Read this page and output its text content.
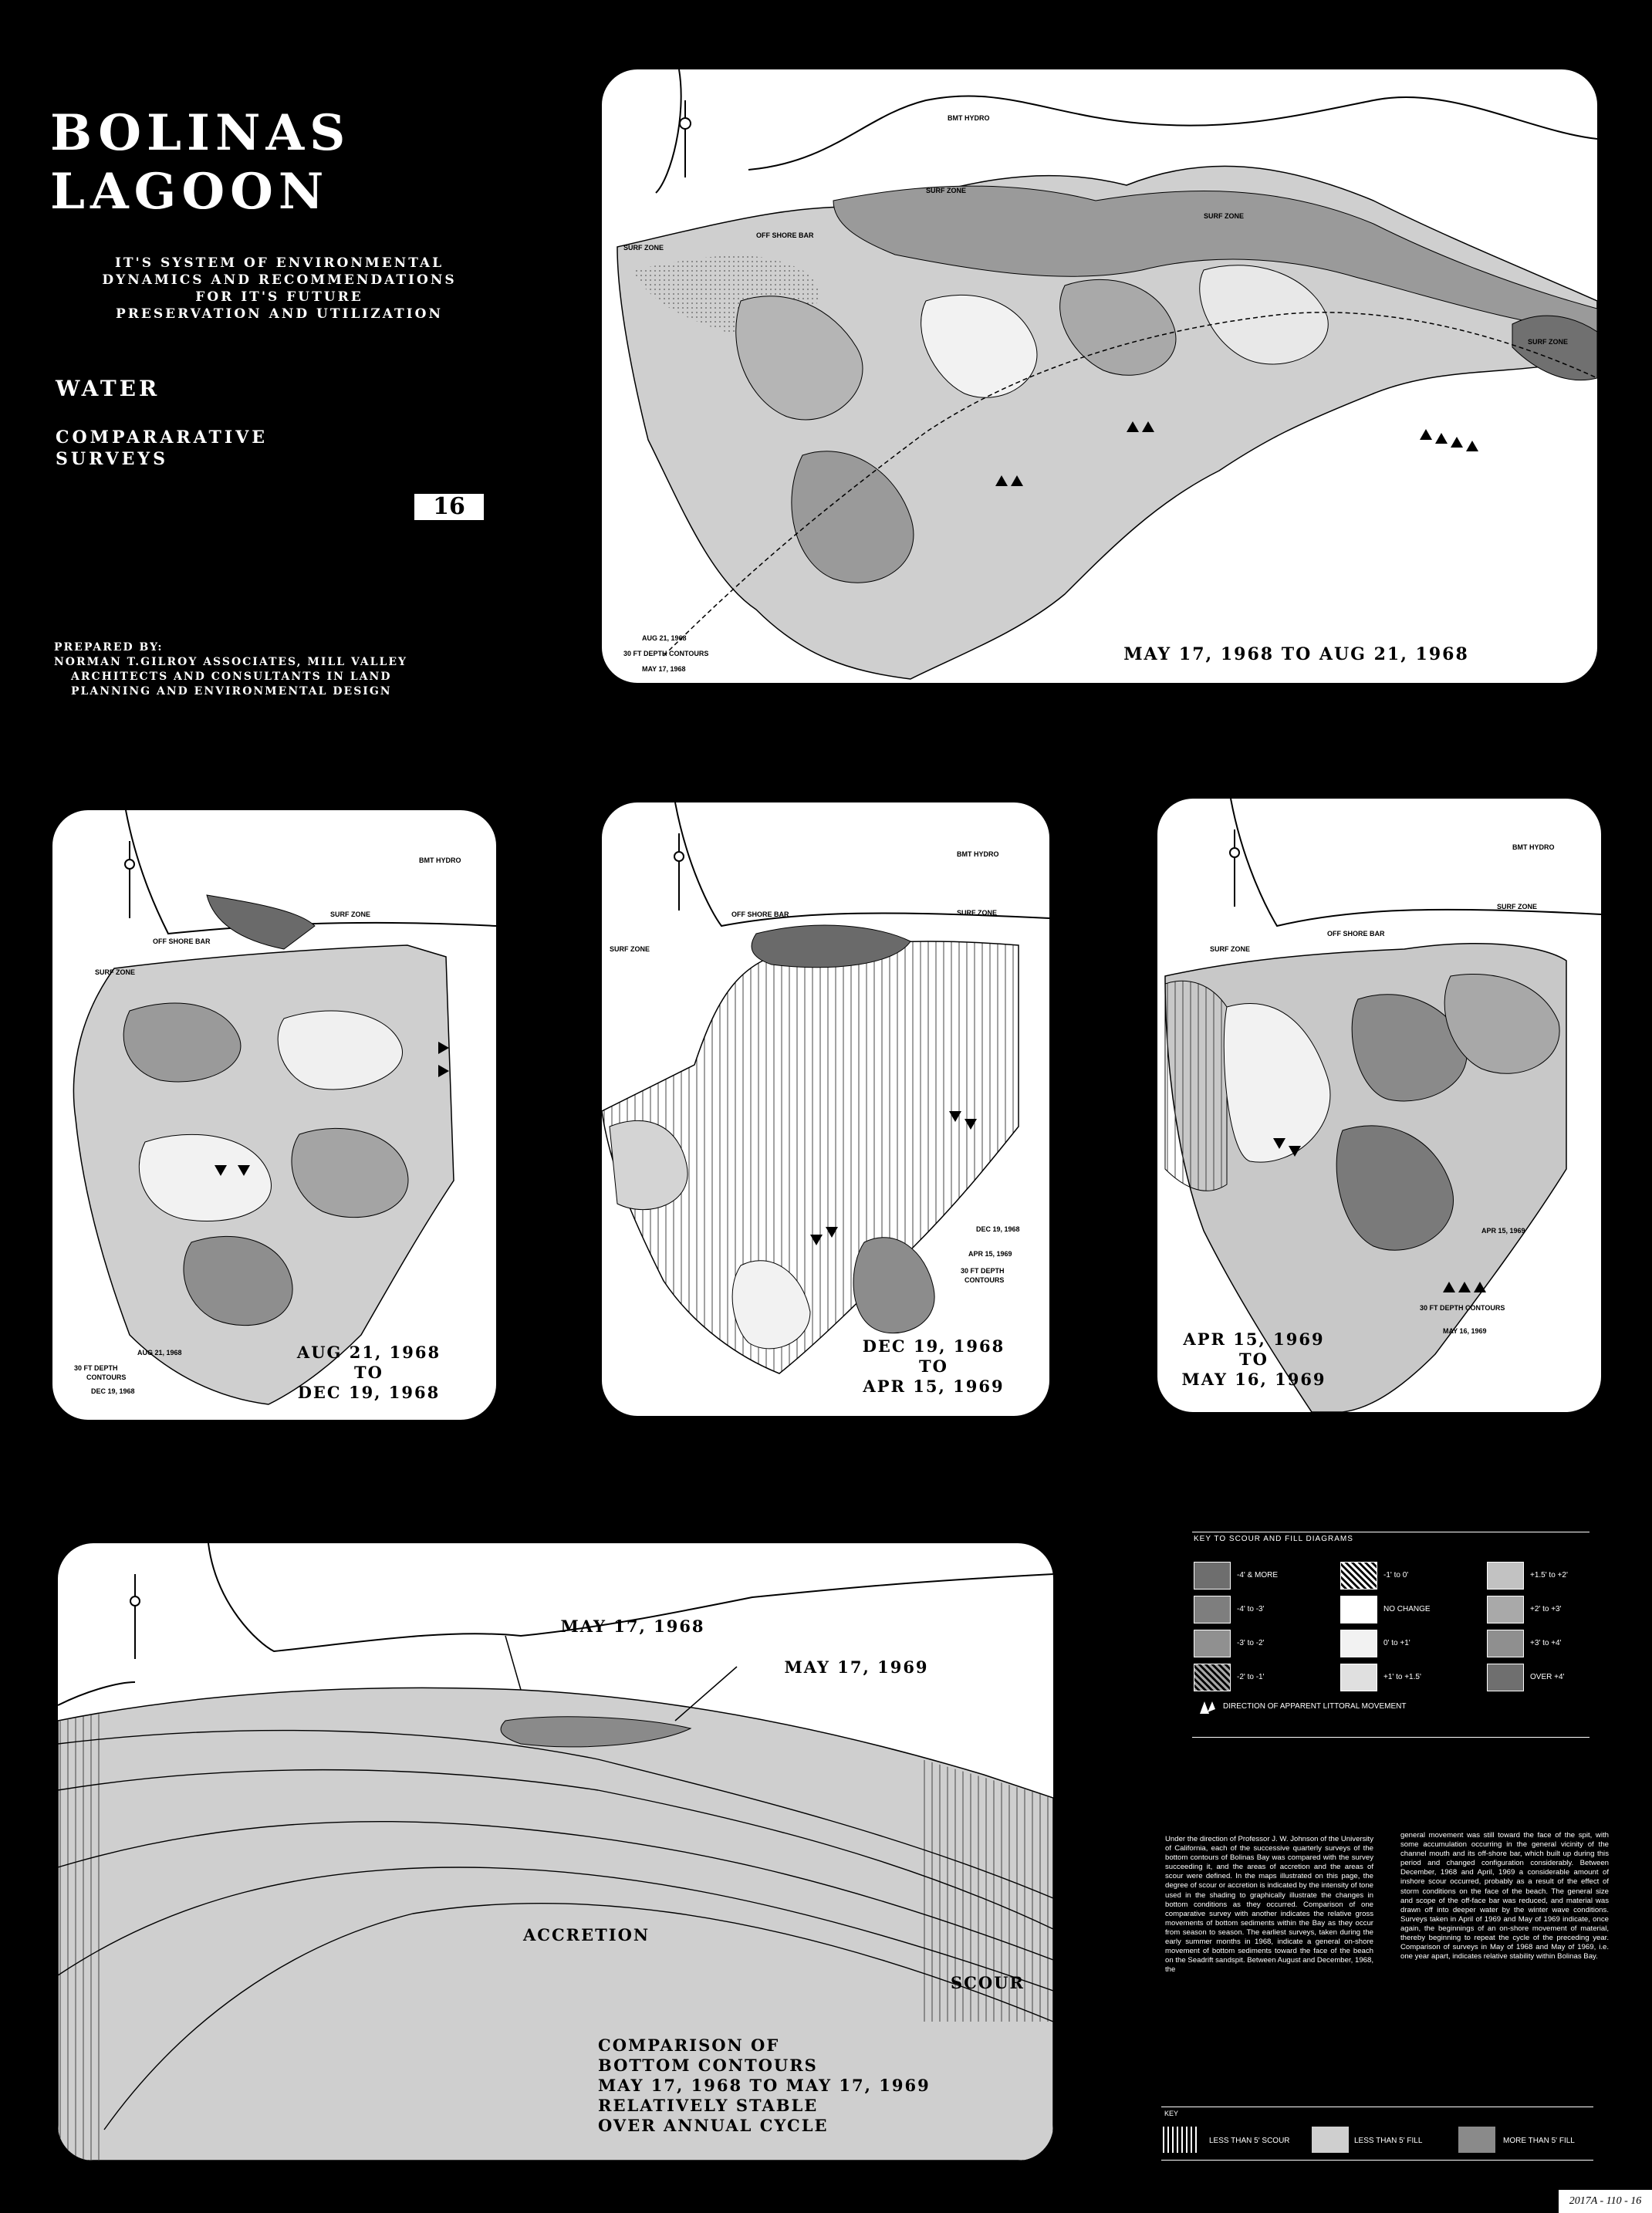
BOLINAS
LAGOON
IT'S SYSTEM OF ENVIRONMENTAL
DYNAMICS AND RECOMMENDATIONS
FOR IT'S FUTURE
PRESERVATION AND UTILIZATION
WATER
COMPARARATIVE
SURVEYS
16
PREPARED BY:
NORMAN T.GILROY ASSOCIATES, MILL VALLEY
ARCHITECTS AND CONSULTANTS IN LAND
PLANNING AND ENVIRONMENTAL DESIGN
BMT HYDRO
SURF ZONE
SURF ZONE
OFF SHORE BAR
SURF ZONE
SURF ZONE
AUG 21, 1968
30 FT DEPTH CONTOURS
MAY 17, 1968
MAY 17, 1968 TO AUG 21, 1968
BMT HYDRO
SURF ZONE
OFF SHORE BAR
SURF ZONE
AUG 21, 1968
30 FT DEPTH
CONTOURS
DEC 19, 1968
AUG 21, 1968
TO
DEC 19, 1968
BMT HYDRO
OFF SHORE BAR	SURF ZONE
SURF ZONE
DEC 19, 1968
APR 15, 1969
30 FT DEPTH
CONTOURS
DEC 19, 1968
TO
APR 15, 1969
BMT HYDRO
SURF ZONE
OFF SHORE BAR
SURF ZONE
APR 15, 1969
30 FT DEPTH CONTOURS
MAY 16, 1969
APR 15, 1969
TO
MAY 16, 1969
MAY 17, 1968
MAY 17, 1969
ACCRETION
SCOUR
COMPARISON OF
BOTTOM CONTOURS
MAY 17, 1968 TO MAY 17, 1969
RELATIVELY STABLE
OVER ANNUAL CYCLE
KEY TO SCOUR AND FILL DIAGRAMS
-4' & MORE
-4' to -3'
-3' to -2'
-2' to -1'
-1' to 0'
NO CHANGE
0' to +1'
+1' to +1.5'
+1.5' to +2'
+2' to +3'
+3' to +4'
OVER +4'
DIRECTION OF APPARENT LITTORAL MOVEMENT
Under the direction of Professor J. W. Johnson of the University of California, each of the successive quarterly surveys of the bottom contours of Bolinas Bay was compared with the survey succeeding it, and the areas of accretion and the areas of scour were defined. In the maps illustrated on this page, the degree of scour or accretion is indicated by the intensity of tone used in the shading to graphically illustrate the changes in bottom conditions as they occurred. Comparison of one comparative survey with another indicates the relative gross movements of bottom sediments within the Bay as they occur from season to season. The earliest surveys, taken during the early summer months in 1968, indicate a general on-shore movement of bottom sediments toward the face of the beach on the Seadrift sandspit. Between August and December, 1968, the
general movement was still toward the face of the spit, with some accumulation occurring in the general vicinity of the channel mouth and its off-shore bar, which built up during this period and changed configuration considerably. Between December, 1968 and April, 1969 a considerable amount of inshore scour occurred, probably as a result of the effect of storm conditions on the face of the beach. The general size and scope of the off-face bar was reduced, and material was drawn off into deeper water by the winter wave conditions. Surveys taken in April of 1969 and May of 1969 indicate, once again, the beginnings of an on-shore movement of material, thereby beginning to repeat the cycle of the preceding year. Comparison of surveys in May of 1968 and May of 1969, i.e. one year apart, indicates relative stability within Bolinas Bay.
KEY
LESS THAN 5' SCOUR	LESS THAN 5' FILL	MORE THAN 5' FILL
2017A - 110 - 16
